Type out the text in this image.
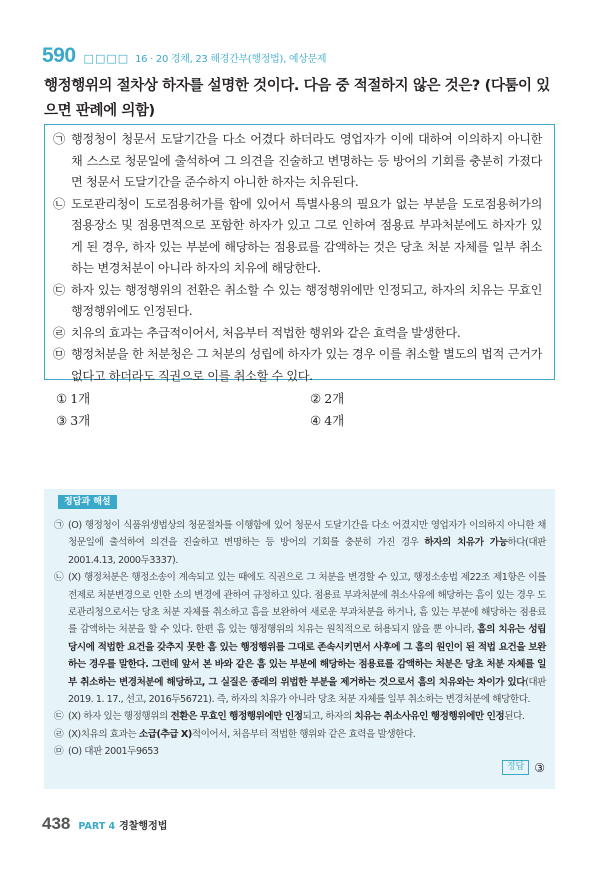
590 □□□□ 16 · 20 경채, 23 해경간부(행정법), 예상문제
행정행위의 절차상 하자를 설명한 것이다. 다음 중 적절하지 않은 것은? (다툼이 있으면 판례에 의함)
㉠ 행정청이 청문서 도달기간을 다소 어겼다 하더라도 영업자가 이에 대하여 이의하지 아니한 채 스스로 청문일에 출석하여 그 의견을 진술하고 변명하는 등 방어의 기회를 충분히 가졌다면 청문서 도달기간을 준수하지 아니한 하자는 치유된다.
㉡ 도로관리청이 도로점용허가를 함에 있어서 특별사용의 필요가 없는 부분을 도로점용허가의 점용장소 및 점용면적으로 포함한 하자가 있고 그로 인하여 점용료 부과처분에도 하자가 있게 된 경우, 하자 있는 부분에 해당하는 점용료를 감액하는 것은 당초 처분 자체를 일부 취소하는 변경처분이 아니라 하자의 치유에 해당한다.
㉢ 하자 있는 행정행위의 전환은 취소할 수 있는 행정행위에만 인정되고, 하자의 치유는 무효인 행정행위에도 인정된다.
㉣ 치유의 효과는 추급적이어서, 처음부터 적법한 행위와 같은 효력을 발생한다.
㉤ 행정처분을 한 처분청은 그 처분의 성립에 하자가 있는 경우 이를 취소할 별도의 법적 근거가 없다고 하더라도 직권으로 이를 취소할 수 있다.
① 1개	② 2개
③ 3개	④ 4개
정답과 해설
㉠ (O) 행정청이 식품위생법상의 청문절차를 이행함에 있어 청문서 도달기간을 다소 어겼지만 영업자가 이의하지 아니한 채 청문일에 출석하여 의견을 진술하고 변명하는 등 방어의 기회를 충분히 가진 경우 하자의 치유가 가능하다(대판 2001.4.13, 2000두3337).
㉡ (X) 행정처분은 행정소송이 계속되고 있는 때에도 직권으로 그 처분을 변경할 수 있고, 행정소송법 제22조 제1항은 이를 전제로 처분변경으로 인한 소의 변경에 관하여 규정하고 있다. 점용료 부과처분에 취소사유에 해당하는 흠이 있는 경우 도로관리청으로서는 당초 처분 자체를 취소하고 흠을 보완하여 새로운 부과처분을 하거나, 흠 있는 부분에 해당하는 점용료를 감액하는 처분을 할 수 있다. 한편 흠 있는 행정행위의 치유는 원칙적으로 허용되지 않을 뿐 아니라, 흠의 치유는 성립 당시에 적법한 요건을 갖추지 못한 흠 있는 행정행위를 그대로 존속시키면서 사후에 그 흠의 원인이 된 적법 요건을 보완하는 경우를 말한다. 그런데 앞서 본 바와 같은 흠 있는 부분에 해당하는 점용료를 감액하는 처분은 당초 처분 자체를 일부 취소하는 변경처분에 해당하고, 그 실질은 종래의 위법한 부분을 제거하는 것으로서 흠의 치유와는 차이가 있다(대판 2019. 1. 17., 선고, 2016두56721). 즉, 하자의 치유가 아니라 당초 처분 자체를 일부 취소하는 변경처분에 해당한다.
㉢ (X) 하자 있는 행정행위의 전환은 무효인 행정행위에만 인정되고, 하자의 치유는 취소사유인 행정행위에만 인정된다.
㉣ (X)치유의 효과는 소급(추급 X)적이어서, 처음부터 적법한 행위와 같은 효력을 발생한다.
㉤ (O) 대판 2001두9653
정답 ③
438 PART 4 경찰행정법
